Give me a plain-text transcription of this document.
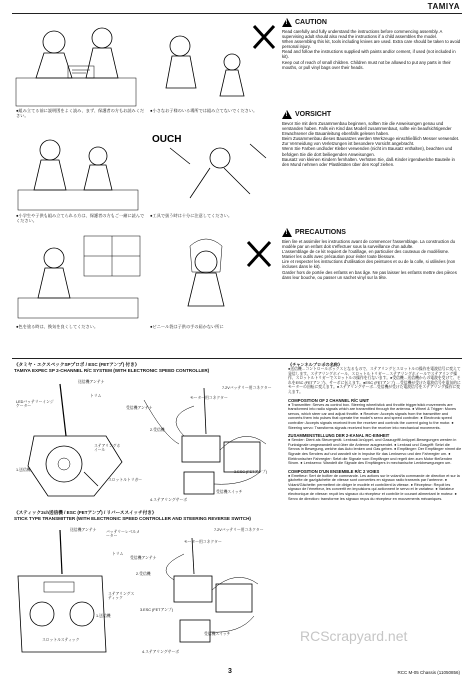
TAMIYA
●組み立てる前に説明図をよく読み、まず、保護者の方もお読みください。
●小さなお子様のいる場所では組み立てないでください。
●小学生や子供も組み立てられる方は、保護者の方もご一緒に読んでください。
OUCH
●工具で扱う時は十分に注意してください。
●色を塗る時は、換気を良くしてください。	●ビニール袋は子供の手の届かない所に
!
CAUTION

Read carefully and fully understand the instructions before commencing assembly. A supervising adult should also read the instructions if a child assembles the model.

When assembling this kit, tools including knives are used. Extra care should be taken to avoid personal injury.

Read and follow the instructions supplied with paints and/or cement, if used (not included in kit).

Keep out of reach of small children. Children must not be allowed to put any parts in their mouths, or pull vinyl bags over their heads.

!
VORSICHT

Bevor Sie mit dem Zusammenbau beginnen, sollten Sie die Anweisungen genau und verstanden haben. Falls ein Kind das Modell zusammenbaut, sollte ein beaufsichtigender Erwachsener die Bauanleitung ebenfalls gelesen haben.

Beim Zusammenbau dieses Bausatzes werden Werkzeuge einschließlich Messer verwendet. Zur Vermeidung von Verletzungen ist besondere Vorsicht angebracht.

Wenn Sie Farben und/oder Kleber verwenden (nicht im Bausatz enthalten), beachten und befolgen Sie die dort beiliegenden Anweisungen.

Bausatz von kleinen Kindern fernhalten. Verhüten Sie, daß Kinder irgendwelche Bauteile in den Mund nehmen oder Plastiktüten über den Kopf ziehen.

!
PRECAUTIONS

Bien lire et assimiler les instructions avant de commencer l'assemblage. La construction du modèle par un enfant doit s'effectuer sous la surveillance d'un adulte.

L'assemblage de ce kit requiert de l'outillage, en particulier des couteaux de modélisme. Manier les outils avec précaution pour éviter toute blessure.

Lire et respecter les instructions d'utilisation des peintures et ou de la colle, si utilisées (non incluses dans le kit).

Garder hors de portée des enfants en bas âge. Ne pas laisser les enfants mettre des pièces dans leur bouche, ou passer un sachet vinyl sur la tête.

《タミヤ・エクスペックSPプロポ / ESC (FETアンプ) 付き》
TAMIYA EXPEC SP 2-CHANNEL R/C SYSTEM (WITH ELECTRONIC SPEED CONTROLLER)
送信機アンテナ
LEDバッテリーインジケーター
トリム
受信機アンテナ
7.2Vバッテリー用コネクター
モーター用コネクター
2.受信機
ステアリングホイール
1.送信機
スロットルトリガー
4.ステアリングサーボ
3.ESC (FETアンプ)
受信機スイッチ
《スティック2ch送信機 / ESC (FETアンプ) / リバーススイッチ付き》
STICK TYPE TRANSMITTER (WITH ELECTRONIC SPEED CONTROLLER AND STEERING REVERSE SWITCH)
送信機アンテナ	バッテリーレベルメーター
トリム
7.2Vバッテリー用コネクター
モーター用コネクター
受信機アンテナ
2.受信機
ステアリングスティック
1.送信機
3.ESC (FETアンプ)
スロットルスティック
受信機スイッチ
4.ステアリングサーボ
《チャンネルプロポの名称》

●送信機…コントロールボックスとなるもので、ステアリングとスロットルの操作を電波信号に変えて発信します。ステアリングホイール、スロットルトリガー…ステアリングホイールでステアリング操作、スロットルトリガーでスロットルの操作を行ないます。●受信機…送信機からの電波を受けて、それをESC (FETアンプ)、サーボに伝えます。●ESC (FETアンプ) …受信機が受けた電波信号を電気的にモーターの回転に変えます。●ステアリングサーボ…受信機が受けた電波信号をステアリング操作に変えます。

COMPOSITION OF 2 CHANNEL R/C UNIT

● Transmitter: Serves as control box. Steering wheel/stick and throttle trigger/stick movements are transformed into radio signals which are transmitted through the antenna. ● Wheel & Trigger: Moves servos, which steer car and adjust throttle. ● Receiver: Accepts signals from the transmitter and converts them into pulses that operate the model's servo and speed controller. ● Electronic speed controller: Accepts signals received from the receiver and controls the current going to the motor. ● Steering servo: Transforms signals received from the receiver into mechanical movements.

ZUSAMMENSTELLUNG DER 2-KANAL RC-EINHEIT

● Sender: Dient als Steuergerät. Lenkrad/-knüppel- und Gaszugriff/-knüppel-Bewegungen werden in Funksignale umgewandelt und über die Antenne ausgesendet. ● Lenkrad und Gasgriff: Setzt die Servos in Bewegung, welche das Auto lenken und Gas geben. ● Empfänger: Der Empfänger nimmt die Signale des Senders auf und wandelt sie in Impulse für das Lenkservo und den Fahrregler um. ● Elektronischer Fahrregler: Setzt die Signale vom Empfänger und regelt den zum Motor fließenden Strom. ● Lenkservo: Wandelt die Signale des Empfängers in mechanische Lenkbewegungen um.

COMPOSITION D'UN ENSEMBLE R/C 2 VOIES

● Emetteur: Sert de boîtier de commande. Les actions sur le volant/la commande de direction et sur la gâchette de gaz/gâchette de vitesse sont converties en signaux radio transmis par l'antenne. ● Volant/Gâchette: permettent de diriger le modèle et contrôlent la vitesse. ● Récepteur: Reçoit les signaux de l'émetteur, les convertit en impulsions qui actionnent le servo et le variateur. ● Variateur électronique de vitesse: reçoit les signaux du récepteur et contrôle le courant alimentant le moteur. ● Servo de direction: transforme les signaux reçus du récepteur en mouvements mécaniques.

RCScrapyard.net
3	RCC M-05 Chassis (11050856)
